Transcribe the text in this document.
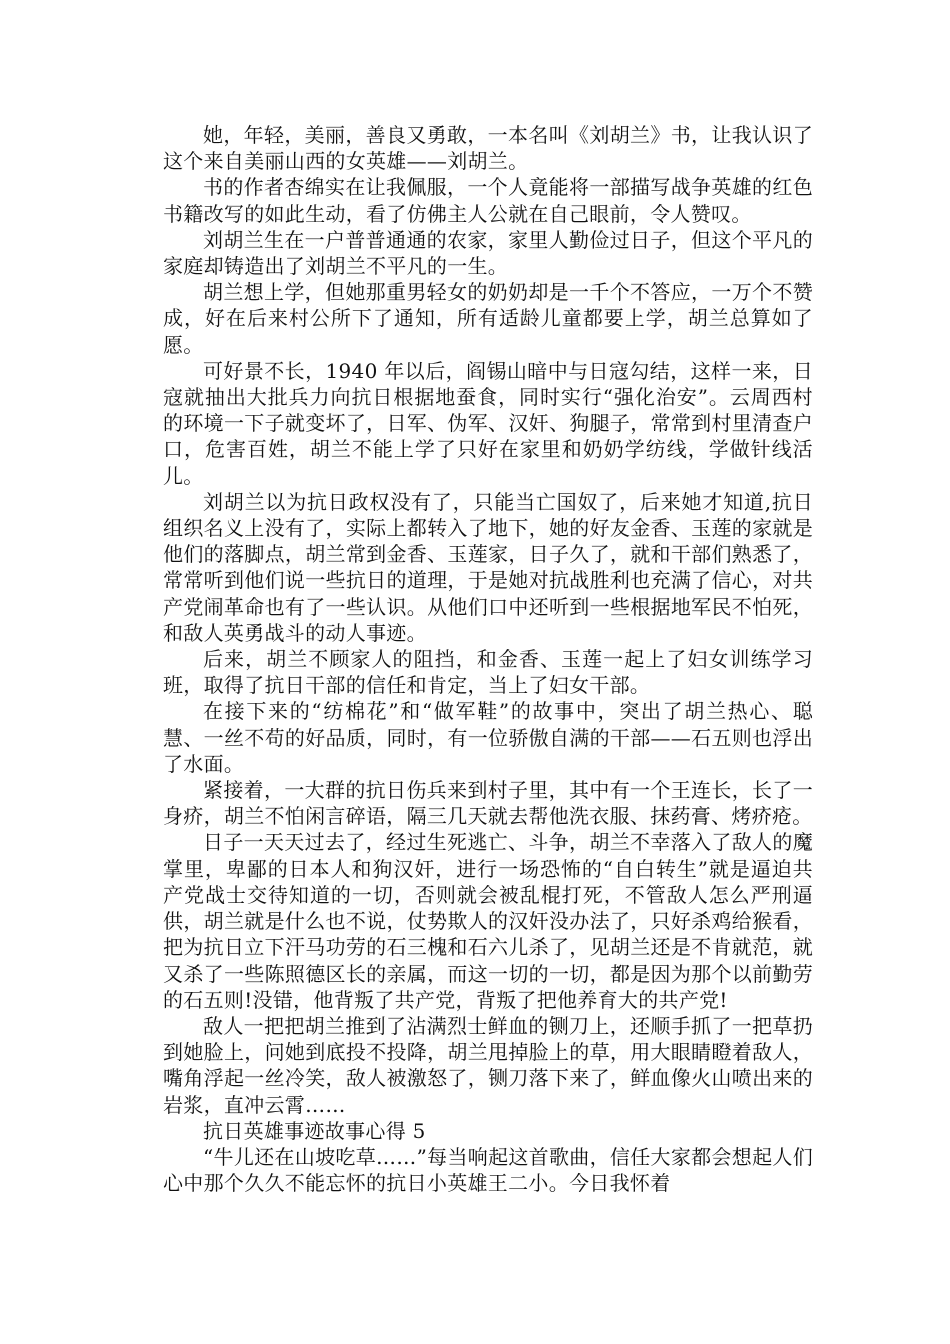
她，年轻，美丽，善良又勇敢，一本名叫《刘胡兰》书，让我认识了这个来自美丽山西的女英雄——刘胡兰。

书的作者杏绵实在让我佩服，一个人竟能将一部描写战争英雄的红色书籍改写的如此生动，看了仿佛主人公就在自己眼前，令人赞叹。

刘胡兰生在一户普普通通的农家，家里人勤俭过日子，但这个平凡的家庭却铸造出了刘胡兰不平凡的一生。

胡兰想上学，但她那重男轻女的奶奶却是一千个不答应，一万个不赞成，好在后来村公所下了通知，所有适龄儿童都要上学，胡兰总算如了愿。

可好景不长，1940 年以后，阎锡山暗中与日寇勾结，这样一来，日寇就抽出大批兵力向抗日根据地蚕食，同时实行“强化治安”。云周西村的环境一下子就变坏了，日军、伪军、汉奸、狗腿子，常常到村里清查户口，危害百姓，胡兰不能上学了只好在家里和奶奶学纺线，学做针线活儿。

刘胡兰以为抗日政权没有了，只能当亡国奴了，后来她才知道,抗日组织名义上没有了，实际上都转入了地下，她的好友金香、玉莲的家就是他们的落脚点，胡兰常到金香、玉莲家，日子久了，就和干部们熟悉了，常常听到他们说一些抗日的道理，于是她对抗战胜利也充满了信心，对共产党闹革命也有了一些认识。从他们口中还听到一些根据地军民不怕死，和敌人英勇战斗的动人事迹。

后来，胡兰不顾家人的阻挡，和金香、玉莲一起上了妇女训练学习班，取得了抗日干部的信任和肯定，当上了妇女干部。

在接下来的“纺棉花”和“做军鞋”的故事中，突出了胡兰热心、聪慧、一丝不苟的好品质，同时，有一位骄傲自满的干部——石五则也浮出了水面。

紧接着，一大群的抗日伤兵来到村子里，其中有一个王连长，长了一身疥，胡兰不怕闲言碎语，隔三几天就去帮他洗衣服、抹药膏、烤疥疮。

日子一天天过去了，经过生死逃亡、斗争，胡兰不幸落入了敌人的魔掌里，卑鄙的日本人和狗汉奸，进行一场恐怖的“自白转生”就是逼迫共产党战士交待知道的一切，否则就会被乱棍打死，不管敌人怎么严刑逼供，胡兰就是什么也不说，仗势欺人的汉奸没办法了，只好杀鸡给猴看，把为抗日立下汗马功劳的石三槐和石六儿杀了，见胡兰还是不肯就范，就又杀了一些陈照德区长的亲属，而这一切的一切，都是因为那个以前勤劳的石五则!没错，他背叛了共产党，背叛了把他养育大的共产党!

敌人一把把胡兰推到了沾满烈士鲜血的铡刀上，还顺手抓了一把草扔到她脸上，问她到底投不投降，胡兰甩掉脸上的草，用大眼睛瞪着敌人，嘴角浮起一丝冷笑，敌人被激怒了，铡刀落下来了，鲜血像火山喷出来的岩浆，直冲云霄……

抗日英雄事迹故事心得 5

“牛儿还在山坡吃草……”每当响起这首歌曲，信任大家都会想起人们心中那个久久不能忘怀的抗日小英雄王二小。今日我怀着
